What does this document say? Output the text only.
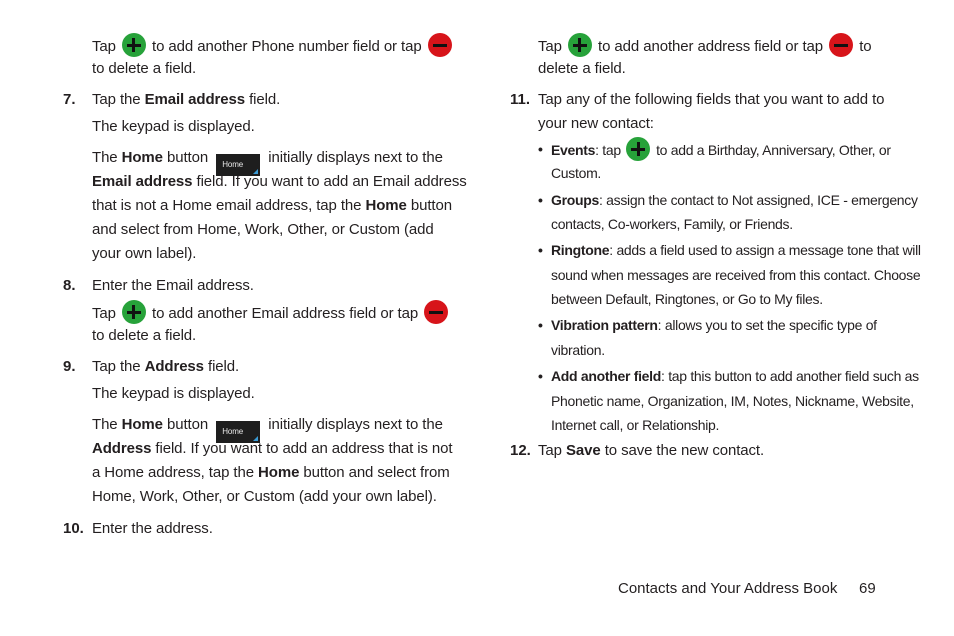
Tap to add another Phone number field or tap
to delete a field.
7. Tap the Email address field.
The keypad is displayed.
The Home button Home initially displays next to the
Email address field. If you want to add an Email address
that is not a Home email address, tap the Home button
and select from Home, Work, Other, or Custom (add
your own label).
8. Enter the Email address.
Tap to add another Email address field or tap
to delete a field.
9. Tap the Address field.
The keypad is displayed.
The Home button Home initially displays next to the
Address field. If you want to add an address that is not
a Home address, tap the Home button and select from
Home, Work, Other, or Custom (add your own label).
10. Enter the address.
Tap to add another address field or tap to
delete a field.
11. Tap any of the following fields that you want to add to
your new contact:
• Events: tap	to add a Birthday, Anniversary, Other, or
Custom.
• Groups: assign the contact to Not assigned, ICE - emergency
contacts, Co-workers, Family, or Friends.
• Ringtone: adds a field used to assign a message tone that will
sound when messages are received from this contact. Choose
between Default, Ringtones, or Go to My files.
• Vibration pattern: allows you to set the specific type of
vibration.
• Add another field: tap this button to add another field such as
Phonetic name, Organization, IM, Notes, Nickname, Website,
Internet call, or Relationship.
12. Tap Save to save the new contact.
Contacts and Your Address Book 69
